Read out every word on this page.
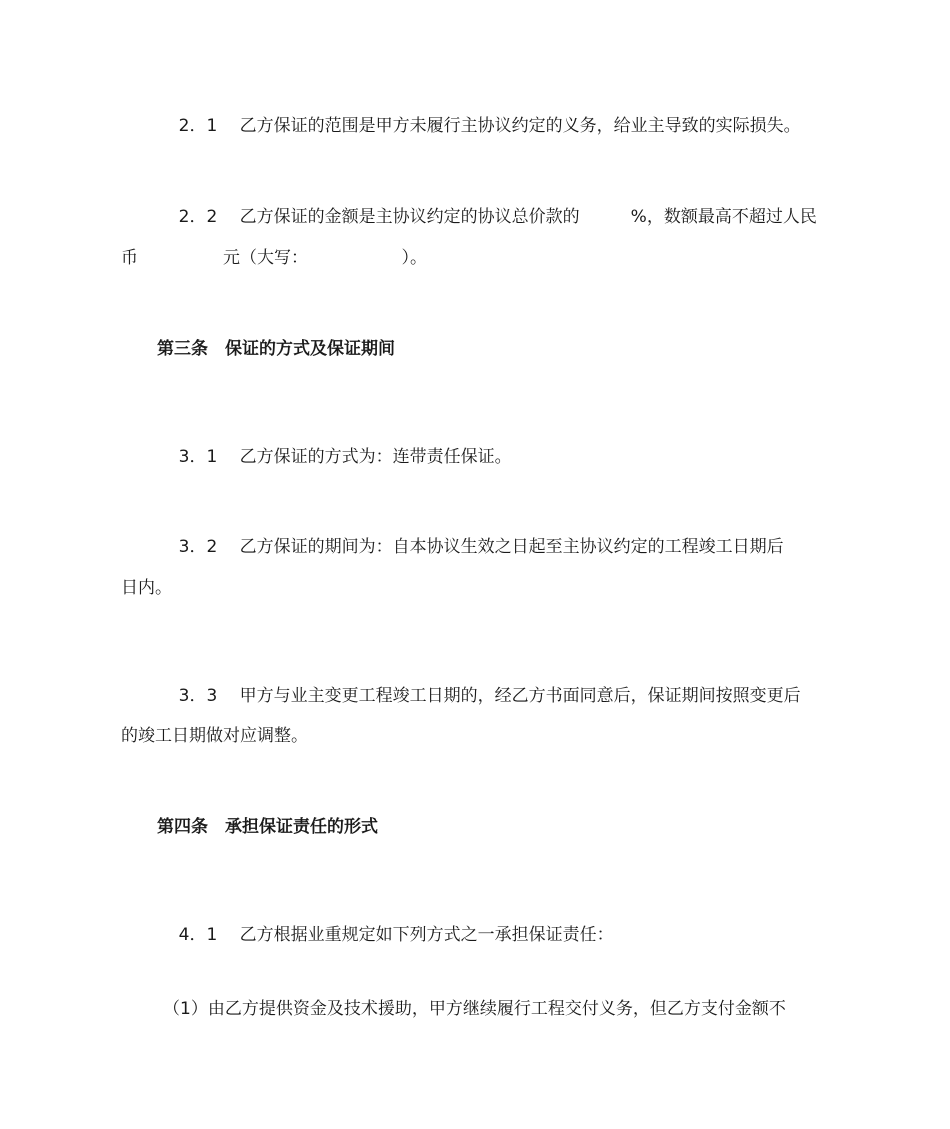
2．1　 乙方保证的范围是甲方未履行主协议约定的义务，给业主导致的实际损失。

2．2　 乙方保证的金额是主协议约定的协议总价款的　　　%，数额最高不超过人民

币　　　　　元（大写：　　　　　　）。
第三条　保证的方式及保证期间

3．1　 乙方保证的方式为：连带责任保证。

3．2　 乙方保证的期间为：自本协议生效之日起至主协议约定的工程竣工日期后

日内。

3．3　 甲方与业主变更工程竣工日期的，经乙方书面同意后，保证期间按照变更后

的竣工日期做对应调整。
第四条　承担保证责任的形式

4．1　 乙方根据业重规定如下列方式之一承担保证责任：

（1）由乙方提供资金及技术援助，甲方继续履行工程交付义务，但乙方支付金额不
